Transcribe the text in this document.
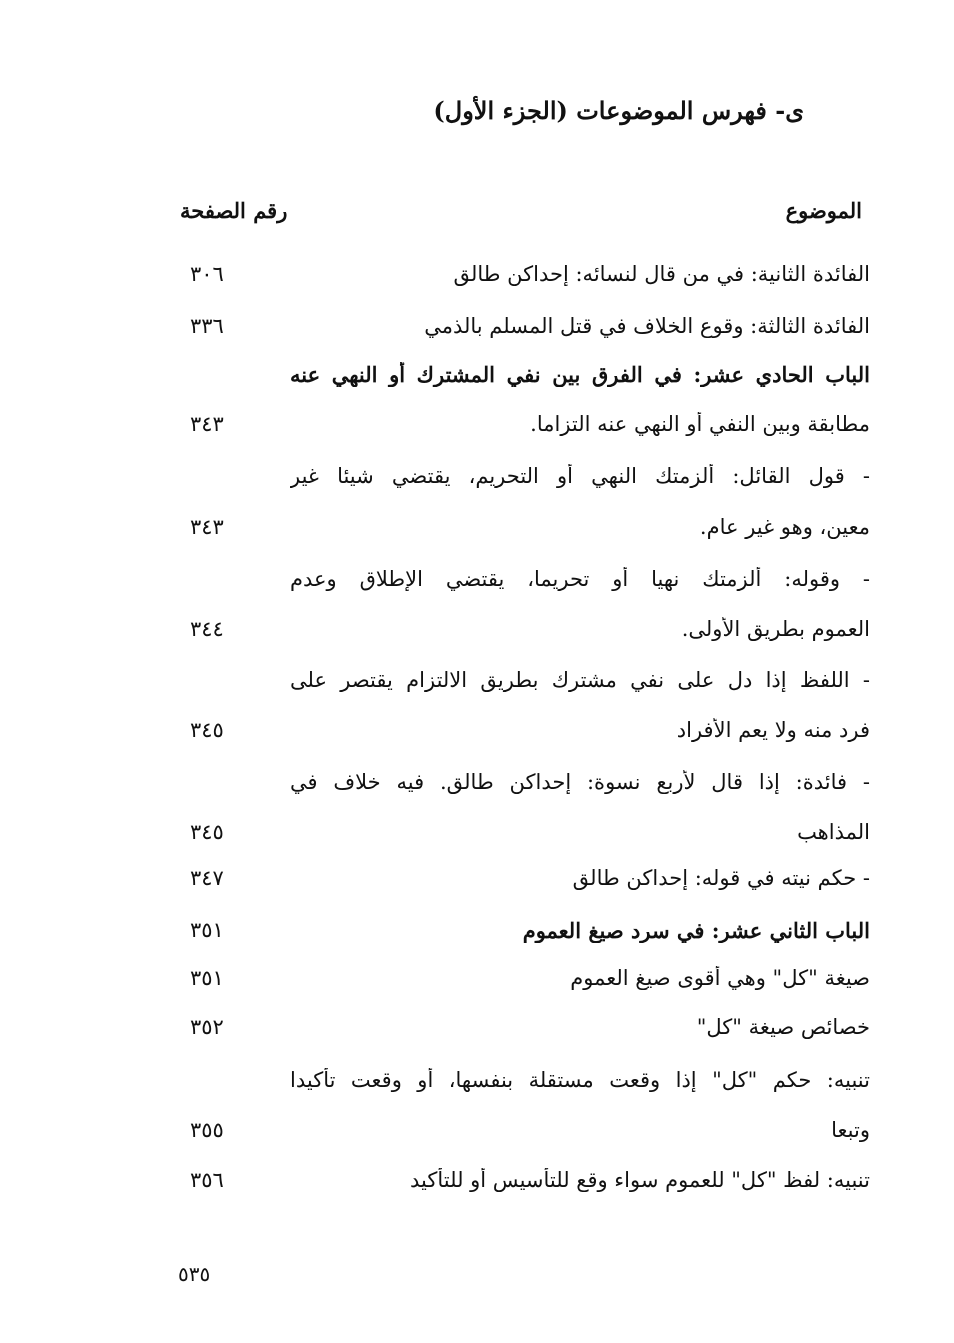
ى- فهرس الموضوعات (الجزء الأول)
الموضوع
رقم الصفحة
الفائدة الثانية: في من قال لنسائه: إحداكن طالق
٣٠٦
الفائدة الثالثة: وقوع الخلاف في قتل المسلم بالذمي
٣٣٦
الباب الحادي عشر: في الفرق بين نفي المشترك أو النهي عنه
مطابقة وبين النفي أو النهي عنه التزاما.
٣٤٣
- قول القائل: ألزمتك النهي أو التحريم، يقتضي شيئا غير
معين، وهو غير عام.
٣٤٣
- وقوله: ألزمتك نهيا أو تحريما، يقتضي الإطلاق وعدم
العموم بطريق الأولى.
٣٤٤
- اللفظ إذا دل على نفي مشترك بطريق الالتزام يقتصر على
فرد منه ولا يعم الأفراد
٣٤٥
- فائدة: إذا قال لأربع نسوة: إحداكن طالق. فيه خلاف في
المذاهب
٣٤٥
- حكم نيته في قوله: إحداكن طالق
٣٤٧
الباب الثاني عشر: في سرد صيغ العموم
٣٥١
صيغة "كل" وهي أقوى صيغ العموم
٣٥١
خصائص صيغة "كل"
٣٥٢
تنبيه: حكم "كل" إذا وقعت مستقلة بنفسها، أو وقعت تأكيدا
وتبعا
٣٥٥
تنبيه: لفظ "كل" للعموم سواء وقع للتأسيس أو للتأكيد
٣٥٦
٥٣٥
